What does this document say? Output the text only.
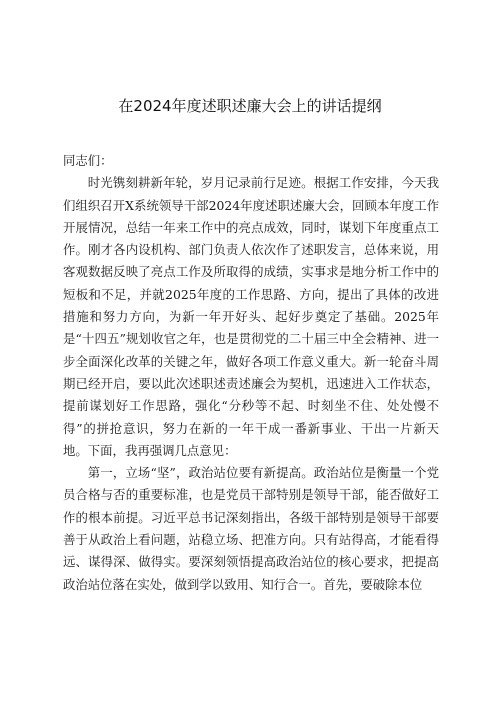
在2024年度述职述廉大会上的讲话提纲

同志们：

时光镌刻耕新年轮，岁月记录前行足迹。根据工作安排，今天我们组织召开X系统领导干部2024年度述职述廉大会，回顾本年度工作开展情况，总结一年来工作中的亮点成效，同时，谋划下年度重点工作。刚才各内设机构、部门负责人依次作了述职发言，总体来说，用客观数据反映了亮点工作及所取得的成绩，实事求是地分析工作中的短板和不足，并就2025年度的工作思路、方向，提出了具体的改进措施和努力方向，为新一年开好头、起好步奠定了基础。2025年是“十四五”规划收官之年，也是贯彻党的二十届三中全会精神、进一步全面深化改革的关键之年，做好各项工作意义重大。新一轮奋斗周期已经开启，要以此次述职述责述廉会为契机，迅速进入工作状态，提前谋划好工作思路，强化“分秒等不起、时刻坐不住、处处慢不得”的拼抢意识，努力在新的一年干成一番新事业、干出一片新天地。下面，我再强调几点意见：

第一，立场“坚”，政治站位要有新提高。政治站位是衡量一个党员合格与否的重要标准，也是党员干部特别是领导干部，能否做好工作的根本前提。习近平总书记深刻指出，各级干部特别是领导干部要善于从政治上看问题，站稳立场、把准方向。只有站得高，才能看得远、谋得深、做得实。要深刻领悟提高政治站位的核心要求，把提高政治站位落在实处，做到学以致用、知行合一。首先，要破除本位
